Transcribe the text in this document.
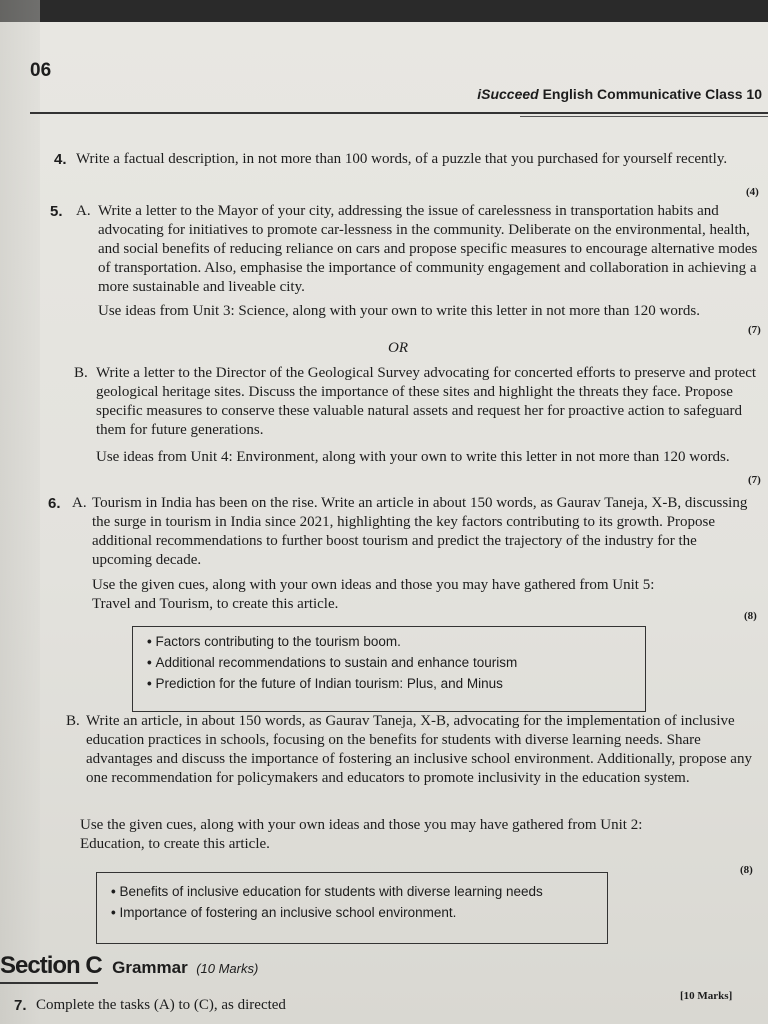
06
iSucceed English Communicative Class 10
4. Write a factual description, in not more than 100 words, of a puzzle that you purchased for yourself recently.
(4)
5. A. Write a letter to the Mayor of your city, addressing the issue of carelessness in transportation habits and advocating for initiatives to promote car-lessness in the community. Deliberate on the environmental, health, and social benefits of reducing reliance on cars and propose specific measures to encourage alternative modes of transportation. Also, emphasise the importance of community engagement and collaboration in achieving a more sustainable and liveable city.
Use ideas from Unit 3: Science, along with your own to write this letter in not more than 120 words.
(7)
OR
B. Write a letter to the Director of the Geological Survey advocating for concerted efforts to preserve and protect geological heritage sites. Discuss the importance of these sites and highlight the threats they face. Propose specific measures to conserve these valuable natural assets and request her for proactive action to safeguard them for future generations.
Use ideas from Unit 4: Environment, along with your own to write this letter in not more than 120 words.
(7)
6. A. Tourism in India has been on the rise. Write an article in about 150 words, as Gaurav Taneja, X-B, discussing the surge in tourism in India since 2021, highlighting the key factors contributing to its growth. Propose additional recommendations to further boost tourism and predict the trajectory of the industry for the upcoming decade.
Use the given cues, along with your own ideas and those you may have gathered from Unit 5: Travel and Tourism, to create this article.
(8)
• Factors contributing to the tourism boom.
• Additional recommendations to sustain and enhance tourism
• Prediction for the future of Indian tourism: Plus, and Minus
B. Write an article, in about 150 words, as Gaurav Taneja, X-B, advocating for the implementation of inclusive education practices in schools, focusing on the benefits for students with diverse learning needs. Share advantages and discuss the importance of fostering an inclusive school environment. Additionally, propose any one recommendation for policymakers and educators to promote inclusivity in the education system.
Use the given cues, along with your own ideas and those you may have gathered from Unit 2: Education, to create this article.
(8)
• Benefits of inclusive education for students with diverse learning needs
• Importance of fostering an inclusive school environment.
Section C Grammar (10 Marks)
7. Complete the tasks (A) to (C), as directed
[10 Marks]
